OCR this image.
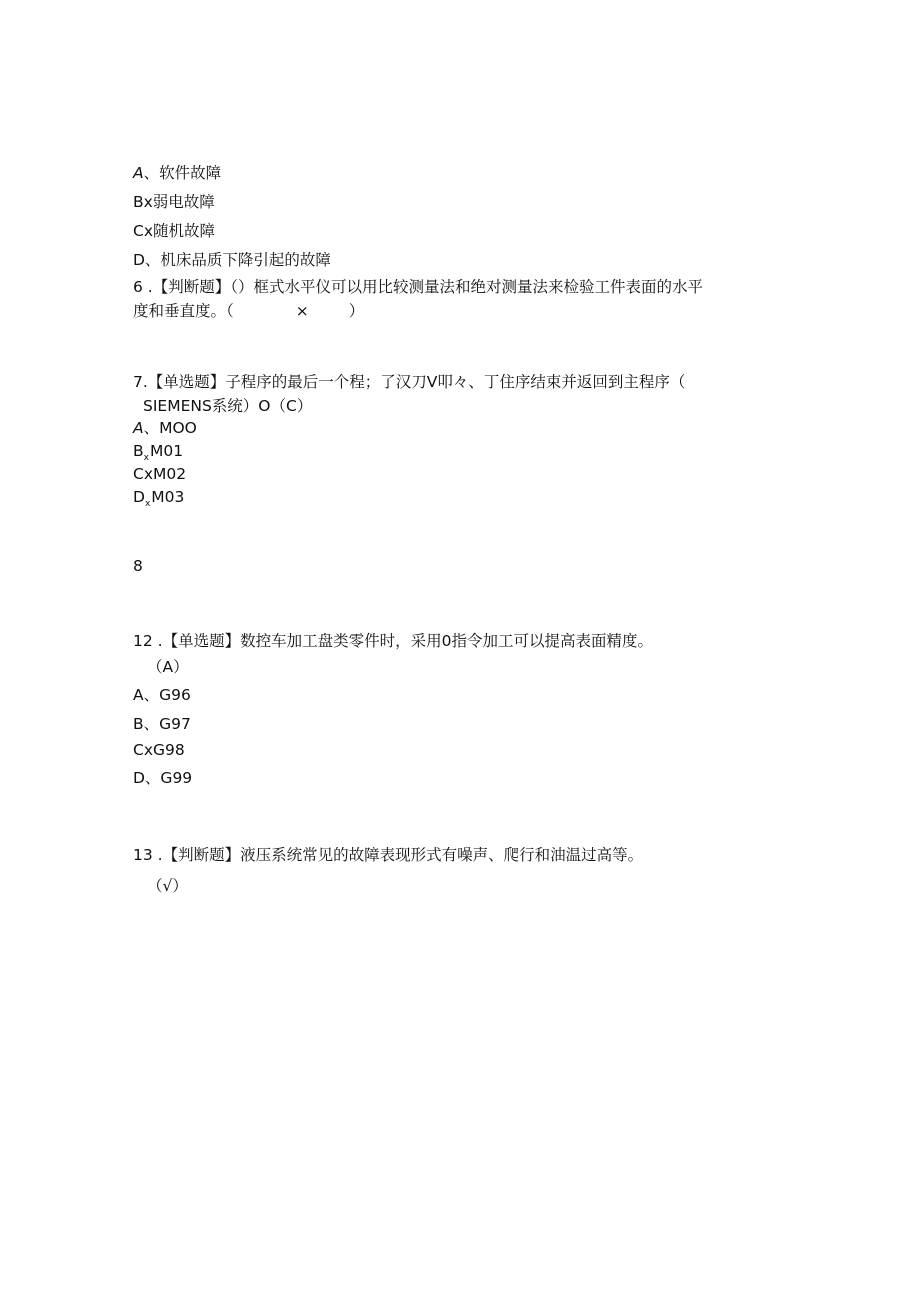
A、软件故障
Bx弱电故障
Cx随机故障
D、机床品质下降引起的故障
6 .【判断题】（）框式水平仪可以用比较测量法和绝对测量法来检验工件表面的水平
度和垂直度。（	×	）
7.【单选题】子程序的最后一个程；了汉刀V叩々、丁住序结束并返回到主程序（
SIEMENS系统）O（C）
A、MOO
$B_xM01$
CxM02
$D_xM03$
8
12 .【单选题】数控车加工盘类零件时，采用0指令加工可以提高表面精度。
（A）
A、G96
B、G97
CxG98
D、G99
13 .【判断题】液压系统常见的故障表现形式有噪声、爬行和油温过高等。
（√）
